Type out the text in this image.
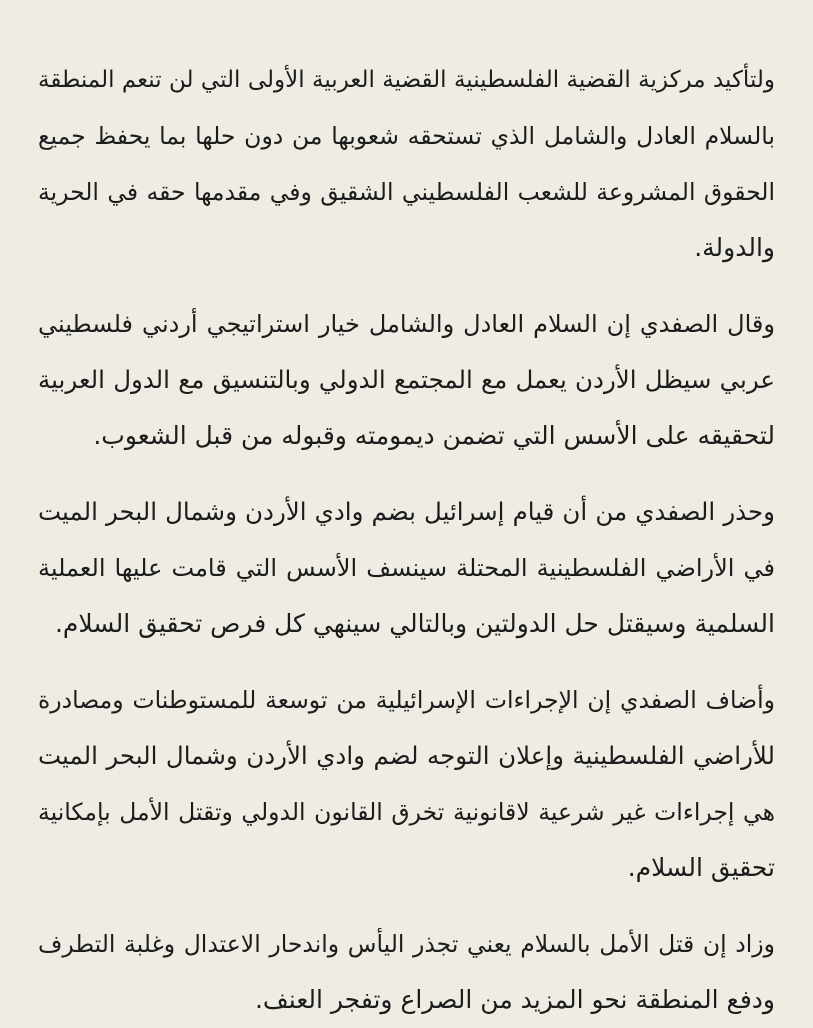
ولتأكيد مركزية القضية الفلسطينية القضية العربية الأولى التي لن تنعم المنطقة
بالسلام العادل والشامل الذي تستحقه شعوبها من دون حلها بما يحفظ جميع
الحقوق المشروعة للشعب الفلسطيني الشقيق وفي مقدمها حقه في الحرية
والدولة.
وقال الصفدي إن السلام العادل والشامل خيار استراتيجي أردني فلسطيني
عربي سيظل الأردن يعمل مع المجتمع الدولي وبالتنسيق مع الدول العربية
لتحقيقه على الأسس التي تضمن ديمومته وقبوله من قبل الشعوب.
وحذر الصفدي من أن قيام إسرائيل بضم وادي الأردن وشمال البحر الميت
في الأراضي الفلسطينية المحتلة سينسف الأسس التي قامت عليها العملية
السلمية وسيقتل حل الدولتين وبالتالي سينهي كل فرص تحقيق السلام.
وأضاف الصفدي إن الإجراءات الإسرائيلية من توسعة للمستوطنات ومصادرة
للأراضي الفلسطينية وإعلان التوجه لضم وادي الأردن وشمال البحر الميت
هي إجراءات غير شرعية لاقانونية تخرق القانون الدولي وتقتل الأمل بإمكانية
تحقيق السلام.
وزاد إن قتل الأمل بالسلام يعني تجذر اليأس واندحار الاعتدال وغلبة التطرف
ودفع المنطقة نحو المزيد من الصراع وتفجر العنف.
